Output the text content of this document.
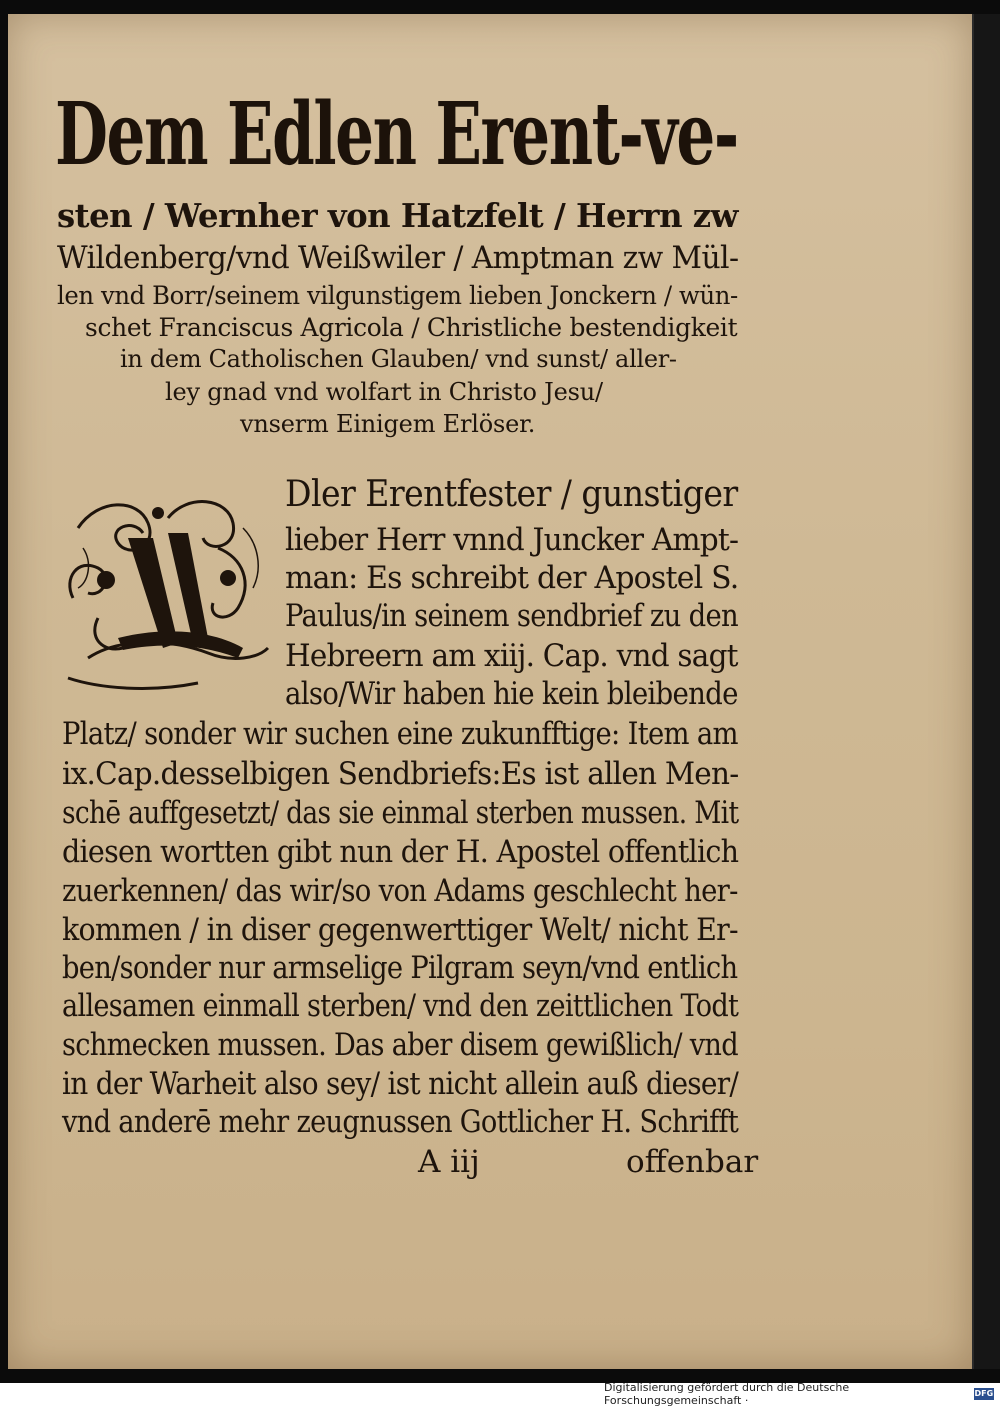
Dem Edlen Erent‐ve‐
sten / Wernher von Hatzfelt / Herrn zw
Wildenberg/vnd Weißwiler / Amptman zw Mül‐
len vnd Borr/seinem vilgunstigem lieben Jonckern / wün‐
schet Franciscus Agricola / Christliche bestendigkeit
in dem Catholischen Glauben/ vnd sunst/ aller‐
ley gnad vnd wolfart in Christo Jesu/
vnserm Einigem Erlöser.
Dler Erentfester / gunstiger
lieber Herr vnnd Juncker Ampt‐
man: Es schreibt der Apostel S.
Paulus/in seinem sendbrief zu den
Hebreern am xiij. Cap. vnd sagt
also/Wir haben hie kein bleibende
Platz/ sonder wir suchen eine zukunfftige: Item am
ix.Cap.desselbigen Sendbriefs:Es ist allen Men‐
schē auffgesetzt/ das sie einmal sterben mussen. Mit
diesen wortten gibt nun der H. Apostel offentlich
zuerkennen/ das wir/so von Adams geschlecht her‐
kommen / in diser gegenwerttiger Welt/ nicht Er‐
ben/sonder nur armselige Pilgram seyn/vnd entlich
allesamen einmall sterben/ vnd den zeittlichen Todt
schmecken mussen. Das aber disem gewißlich/ vnd
in der Warheit also sey/ ist nicht allein auß dieser/
vnd anderē mehr zeugnussen Gottlicher H. Schrifft
A iij	offenbar
Digitalisierung gefördert durch die Deutsche Forschungsgemeinschaft ·
DFG
